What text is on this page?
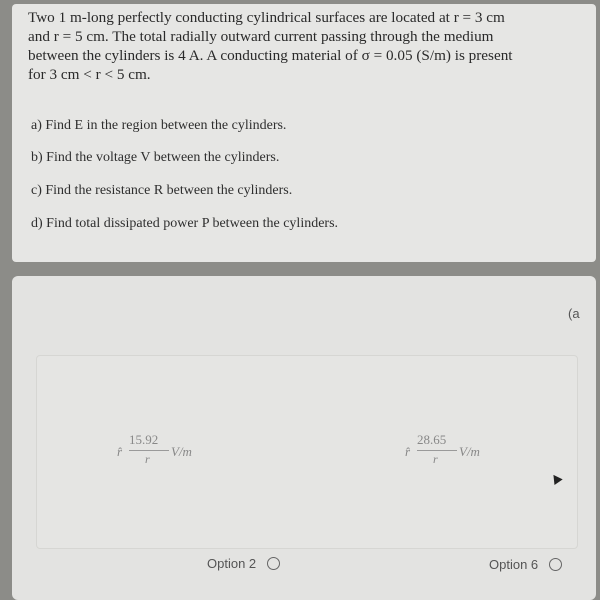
Two 1 m-long perfectly conducting cylindrical surfaces are located at r = 3 cm
and r = 5 cm. The total radially outward current passing through the medium
between the cylinders is 4 A. A conducting material of σ = 0.05 (S/m) is present
for 3 cm < r < 5 cm.
a) Find E in the region between the cylinders.
b) Find the voltage V between the cylinders.
c) Find the resistance R between the cylinders.
d) Find total dissipated power P between the cylinders.
(a
r̂
15.92
r V/m	r̂
28.65
r V/m
Option 2	Option 6
